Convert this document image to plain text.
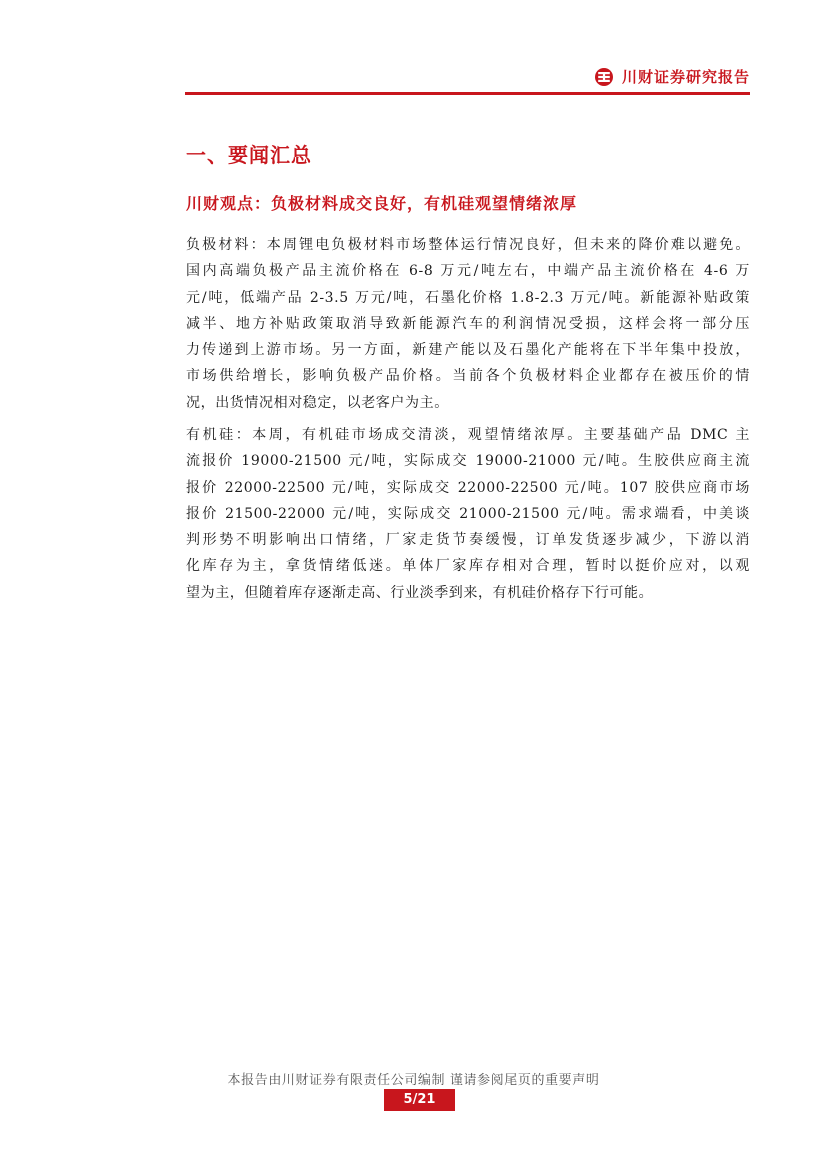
川财证券研究报告
一、要闻汇总
川财观点：负极材料成交良好，有机硅观望情绪浓厚

负极材料：本周锂电负极材料市场整体运行情况良好，但未来的降价难以避免。
国内高端负极产品主流价格在 6-8 万元/吨左右，中端产品主流价格在 4-6 万
元/吨，低端产品 2-3.5 万元/吨，石墨化价格 1.8-2.3 万元/吨。新能源补贴政策
减半、地方补贴政策取消导致新能源汽车的利润情况受损，这样会将一部分压
力传递到上游市场。另一方面，新建产能以及石墨化产能将在下半年集中投放，
市场供给增长，影响负极产品价格。当前各个负极材料企业都存在被压价的情
况，出货情况相对稳定，以老客户为主。

有机硅：本周，有机硅市场成交清淡，观望情绪浓厚。主要基础产品 DMC 主
流报价 19000-21500 元/吨，实际成交 19000-21000 元/吨。生胶供应商主流
报价 22000-22500 元/吨，实际成交 22000-22500 元/吨。107 胶供应商市场
报价 21500-22000 元/吨，实际成交 21000-21500 元/吨。需求端看，中美谈
判形势不明影响出口情绪，厂家走货节奏缓慢，订单发货逐步减少，下游以消
化库存为主，拿货情绪低迷。单体厂家库存相对合理，暂时以挺价应对，以观
望为主，但随着库存逐渐走高、行业淡季到来，有机硅价格存下行可能。

本报告由川财证券有限责任公司编制 谨请参阅尾页的重要声明
5/21
